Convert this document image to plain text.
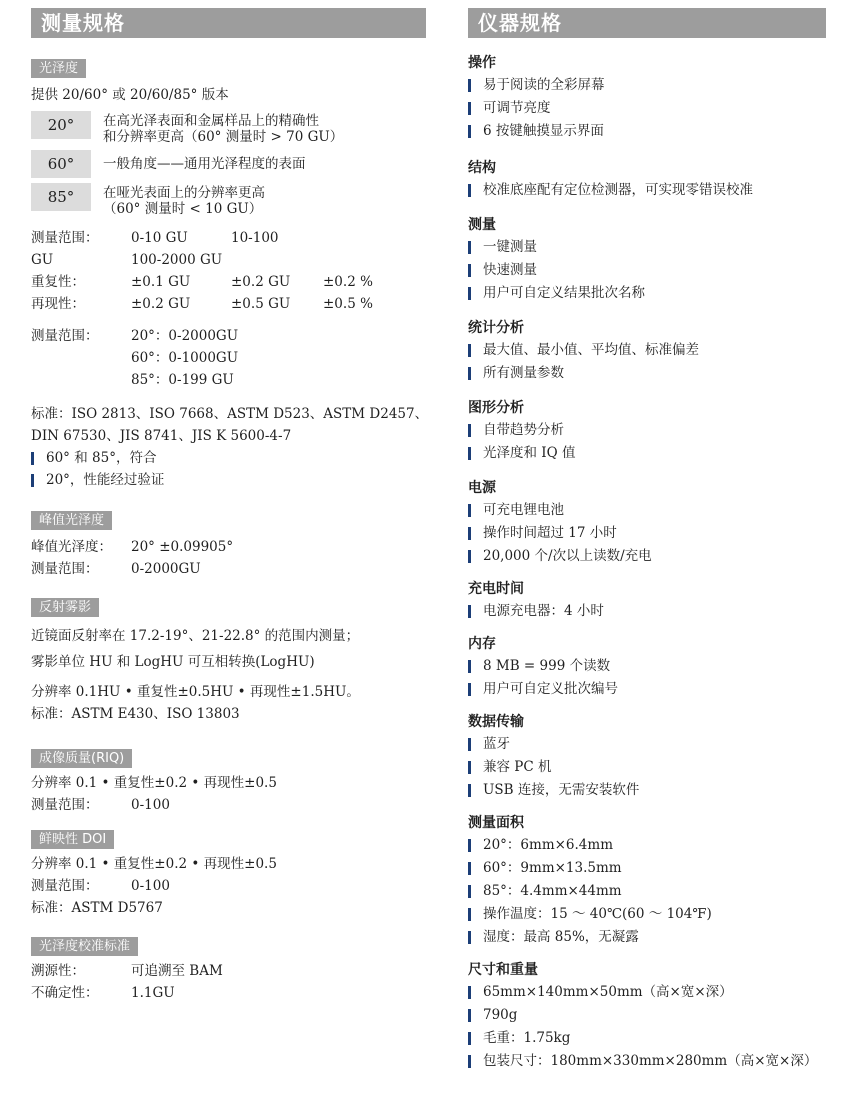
测量规格
光泽度
提供 20/60° 或 20/60/85° 版本
20°	在高光泽表面和金属样品上的精确性
和分辨率更高（60° 测量时 > 70 GU）
60°	一般角度——通用光泽程度的表面
85°	在哑光表面上的分辨率更高
（60° 测量时 < 10 GU）
测量范围：	0-10 GU	10-100
GU	100-2000 GU
重复性：	±0.1 GU	±0.2 GU	±0.2 %
再现性：	±0.2 GU	±0.5 GU	±0.5 %
测量范围：	20°：0-2000GU
60°：0-1000GU
85°：0-199 GU
标准：ISO 2813、ISO 7668、ASTM D523、ASTM D2457、
DIN 67530、JIS 8741、JIS K 5600-4-7
60° 和 85°，符合
20°，性能经过验证
峰值光泽度
峰值光泽度：	20° ±0.09905°
测量范围：	0-2000GU
反射雾影
近镜面反射率在 17.2-19°、21-22.8° 的范围内测量；
雾影单位 HU 和 LogHU 可互相转换(LogHU)
分辨率 0.1HU • 重复性±0.5HU • 再现性±1.5HU。
标准：ASTM E430、ISO 13803
成像质量(RIQ)
分辨率 0.1 • 重复性±0.2 • 再现性±0.5
测量范围：	0-100
鲜映性 DOI
分辨率 0.1 • 重复性±0.2 • 再现性±0.5
测量范围：	0-100
标准：ASTM D5767
光泽度校准标准
溯源性：	可追溯至 BAM
不确定性：	1.1GU
仪器规格
操作
易于阅读的全彩屏幕
可调节亮度
6 按键触摸显示界面
结构
校准底座配有定位检测器，可实现零错误校准
测量
一键测量
快速测量
用户可自定义结果批次名称
统计分析
最大值、最小值、平均值、标准偏差
所有测量参数
图形分析
自带趋势分析
光泽度和 IQ 值
电源
可充电锂电池
操作时间超过 17 小时
20,000 个/次以上读数/充电
充电时间
电源充电器：4 小时
内存
8 MB = 999 个读数
用户可自定义批次编号
数据传输
蓝牙
兼容 PC 机
USB 连接，无需安装软件
测量面积
20°：6mm×6.4mm
60°：9mm×13.5mm
85°：4.4mm×44mm
操作温度：15 ～ 40℃(60 ～ 104℉)
湿度：最高 85%，无凝露
尺寸和重量
65mm×140mm×50mm（高×宽×深）
790g
毛重：1.75kg
包装尺寸：180mm×330mm×280mm（高×宽×深）
